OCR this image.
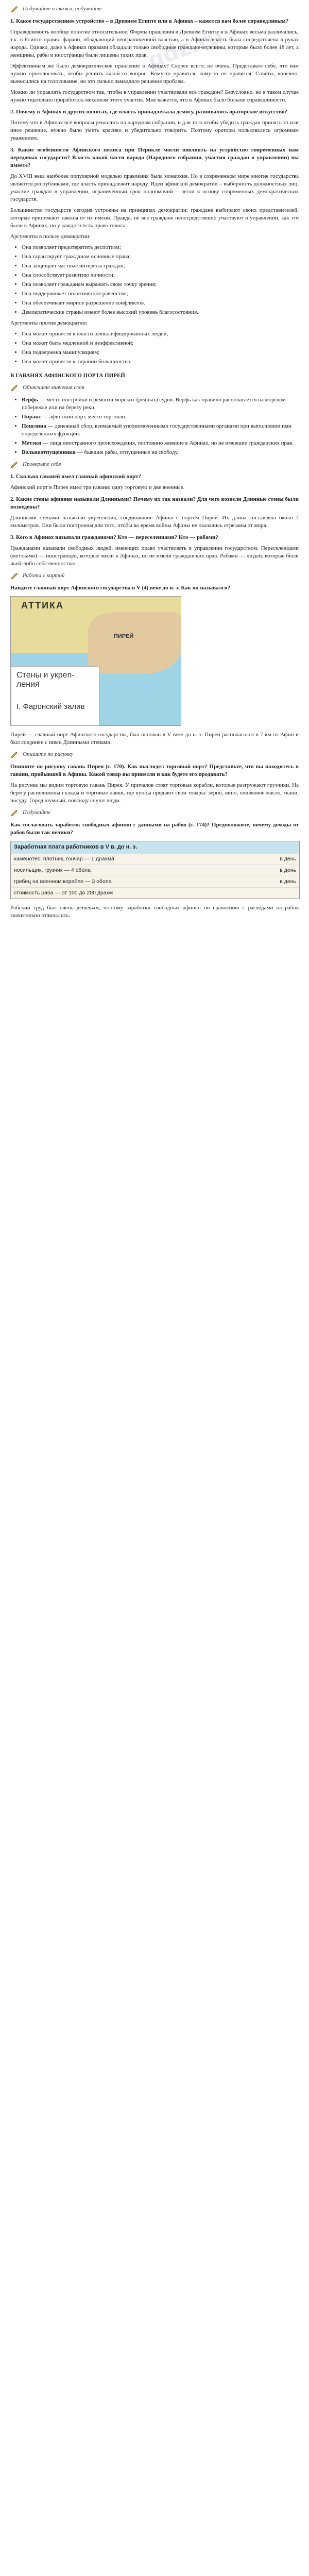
Подумайте и скажи, подумайте
gdz.ru

1. Какое государственное устройство – в Древнем Египте или в Афинах – кажется вам более справедливым?

Справедливость вообще понятие относительное. Формы правления в Древнем Египте и в Афинах весьма различались, т.к. в Египте правил фараон, обладающий неограниченной властью, а в Афинах власть была сосредоточена в руках народа. Однако, даже в Афинах правами обладали только свободные граждане-мужчины, которым было более 18 лет, а женщины, рабы и иностранцы были лишены таких прав.

Эффективным же было демократическое правление в Афинах? Скорее всего, не очень. Представьте себе, что вам нужно проголосовать, чтобы решить какой-то вопрос. Кому-то нравится, кому-то не нравится. Советы, конечно, выносились на голосование, но это сильно замедляло решение проблем.

Можно ли управлять государством так, чтобы в управлении участвовали все граждане? Безусловно, но в таком случае нужно тщательно проработать механизм этого участия. Мне кажется, что в Афинах было больше справедливости.

2. Почему в Афинах и других полисах, где власть принадлежала демосу, развивалось ораторское искусство?

Потому что в Афинах все вопросы решались на народном собрании, и для того чтобы убедить граждан принять то или иное решение, нужно было уметь красиво и убедительно говорить. Поэтому ораторы пользовались огромным уважением.

3. Какие особенности Афинского полиса при Перикле могли повлиять на устройство современных нам передовых государств? Власть какой части народа (Народного собрания, участия граждан в управлении) вы имеете?

До XVIII века наиболее популярной моделью правления была монархия. Но в современном мире многие государства являются республиками, где власть принадлежит народу. Идеи афинской демократии – выборность должностных лиц, участие граждан в управлении, ограниченный срок полномочий – легли в основу современных демократических государств.

Большинство государств сегодня устроены на принципах демократии: граждане выбирают своих представителей, которые принимают законы от их имени. Правда, не все граждане непосредственно участвуют в управлении, как это было в Афинах, но у каждого есть право голоса.

Аргументы в пользу демократии:

• Она позволяет предотвратить деспотизм;
• Она гарантирует гражданам основные права;
• Она защищает частные интересы граждан;
• Она способствует развитию личности;
• Она позволяет гражданам выражать свою точку зрения;
• Она поддерживает политическое равенство;
• Она обеспечивает мирное разрешение конфликтов.
• Демократические страны имеют более высокий уровень благосостояния.

Аргументы против демократии:

• Она может привести к власти неквалифицированных людей;
• Она может быть медленной и неэффективной;
• Она подвержена манипуляциям;
• Она может привести к тирании большинства.
В ГАВАНЯХ АФИНСКОГО ПОРТА ПИРЕЙ
Объясните значения слов
• Верфь — место постройки и ремонта морских (речных) судов. Верфь как правило располагается на морском побережье или на берегу реки.
• Пиракс — афинский порт, место торговли.
• Пошлина — денежный сбор, взимаемый уполномоченными государственными органами при выполнении ими определённых функций.
• Метэки — лица иностранного происхождения, постоянно жившие в Афинах, но не имевшие гражданских прав.
• Вольноотпущенники — бывшие рабы, отпущенные на свободу.
Проверьте себя

1. Сколько гаваней имел главный афинский порт?

Афинский порт в Пирее имел три гавани: одну торговую и две военные.

2. Какие стены афиняне называли Длинными? Почему их так назвали? Для чего возвели Длинные стены были возведены?

Длинными стенами называли укрепления, соединявшие Афины с портом Пирей. Их длина составляла около 7 километров. Они были построены для того, чтобы во время войны Афины не оказались отрезаны от моря.

3. Кого в Афинах называли гражданами? Кто — переселенцами? Кто — рабами?

Гражданами называли свободных людей, имеющих право участвовать в управлении государством. Переселенцами (метэками) — иностранцев, которые жили в Афинах, но не имели гражданских прав. Рабами — людей, которые были чьей-либо собственностью.

Работа с картой

Найдите главный порт Афинского государства в V (4) веке до н. э. Как он назывался?

АТТИКА
ПИРЕЙ
Стены и укреп-
ления
I. Фаронский залив

Пирей — главный порт Афинского государства, был основан в V веке до н. э. Пирей располагался в 7 км от Афин и был соединён с ними Длинными стенами.

Опишите по рисунку

Опишите по рисунку гавань Пирея (с. 170). Как выглядел торговый порт? Представьте, что вы находитесь в гавани, прибывшей в Афины. Какой товар вы привезли и как будете его продавать?

На рисунке мы видим торговую гавань Пирея. У причалов стоят торговые корабли, которые разгружают грузчики. На берегу расположены склады и торговые лавки, где купцы продают свои товары: зерно, вино, оливковое масло, ткани, посуду. Город шумный, повсюду снуют люди.

Подумайте

Как согласовать заработок свободных афинян с данными на рабов (с. 174)? Предположите, почему доходы от рабов были так велики?

Заработная плата работников в V в. до н. э.
каменотёс, плотник, гончар — 1 драхма	в день
носильщик, грузчик — 4 обола	в день
гребец на военном корабле — 3 обола	в день
стоимость раба — от 100 до 200 драхм

Рабский труд был очень дешёвым, поэтому заработки свободных афинян по сравнению с расходами на рабов значительно отличались.
